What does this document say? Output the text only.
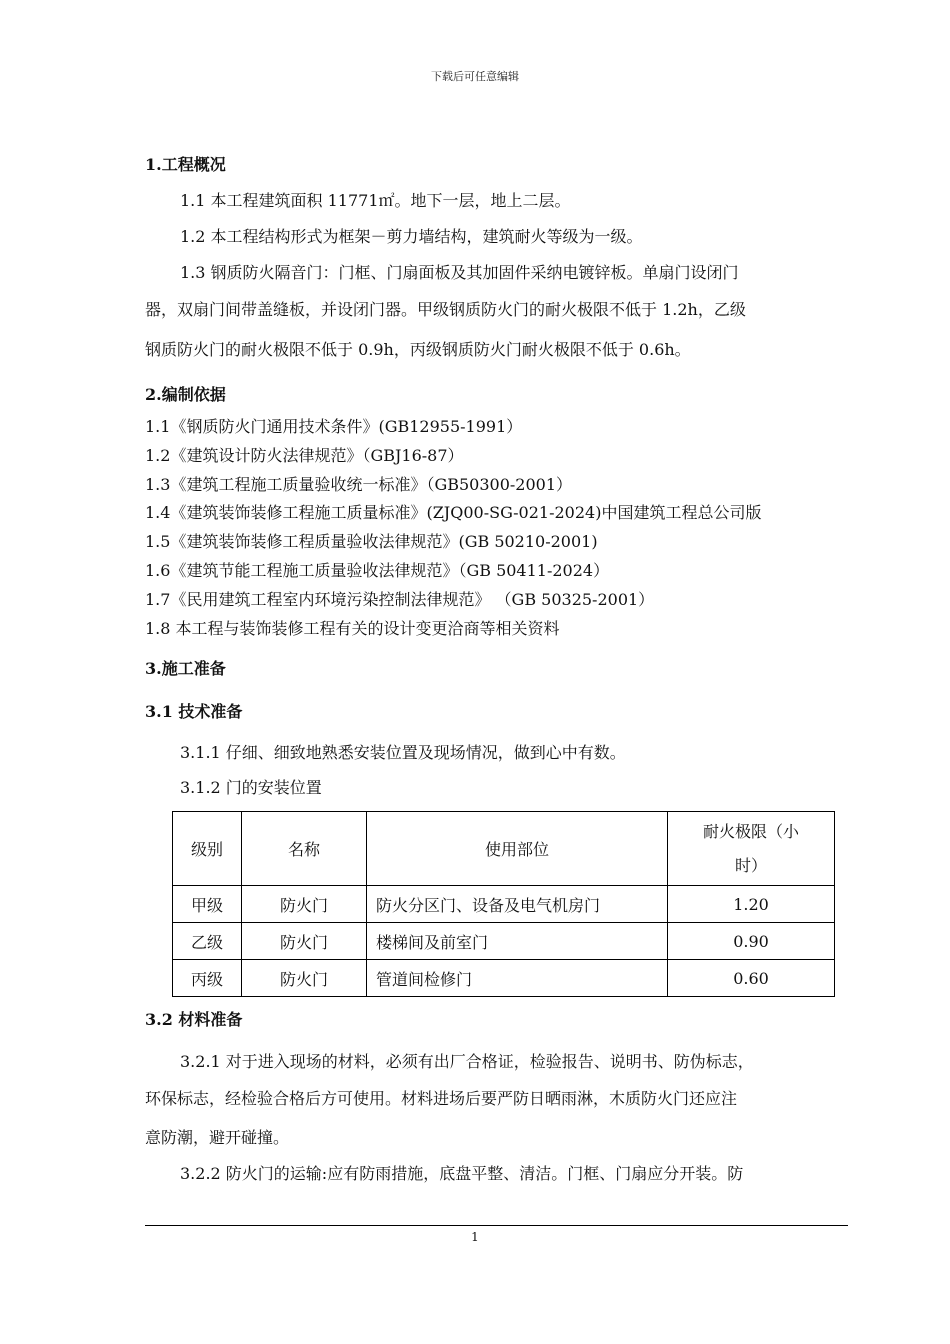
下载后可任意编辑
1.工程概况
1.1 本工程建筑面积 11771㎡。地下一层，地上二层。
1.2 本工程结构形式为框架－剪力墙结构，建筑耐火等级为一级。
1.3 钢质防火隔音门：门框、门扇面板及其加固件采纳电镀锌板。单扇门设闭门
器，双扇门间带盖缝板，并设闭门器。甲级钢质防火门的耐火极限不低于 1.2h，乙级
钢质防火门的耐火极限不低于 0.9h，丙级钢质防火门耐火极限不低于 0.6h。
2.编制依据
1.1《钢质防火门通用技术条件》(GB12955-1991）
1.2《建筑设计防火法律规范》（GBJ16-87）
1.3《建筑工程施工质量验收统一标准》（GB50300-2001）
1.4《建筑装饰装修工程施工质量标准》(ZJQ00-SG-021-2024)中国建筑工程总公司版
1.5《建筑装饰装修工程质量验收法律规范》(GB 50210-2001)
1.6《建筑节能工程施工质量验收法律规范》（GB 50411-2024）
1.7《民用建筑工程室内环境污染控制法律规范》 （GB 50325-2001）
1.8 本工程与装饰装修工程有关的设计变更洽商等相关资料
3.施工准备
3.1 技术准备
3.1.1 仔细、细致地熟悉安装位置及现场情况，做到心中有数。
3.1.2 门的安装位置
级别	名称	使用部位	耐火极限（小
时）

甲级	防火门	防火分区门、设备及电气机房门	1.20
乙级	防火门	楼梯间及前室门	0.90
丙级	防火门	管道间检修门	0.60
3.2 材料准备
3.2.1 对于进入现场的材料，必须有出厂合格证，检验报告、说明书、防伪标志，
环保标志，经检验合格后方可使用。材料进场后要严防日晒雨淋，木质防火门还应注
意防潮，避开碰撞。
3.2.2 防火门的运输:应有防雨措施，底盘平整、清洁。门框、门扇应分开装。防
1
